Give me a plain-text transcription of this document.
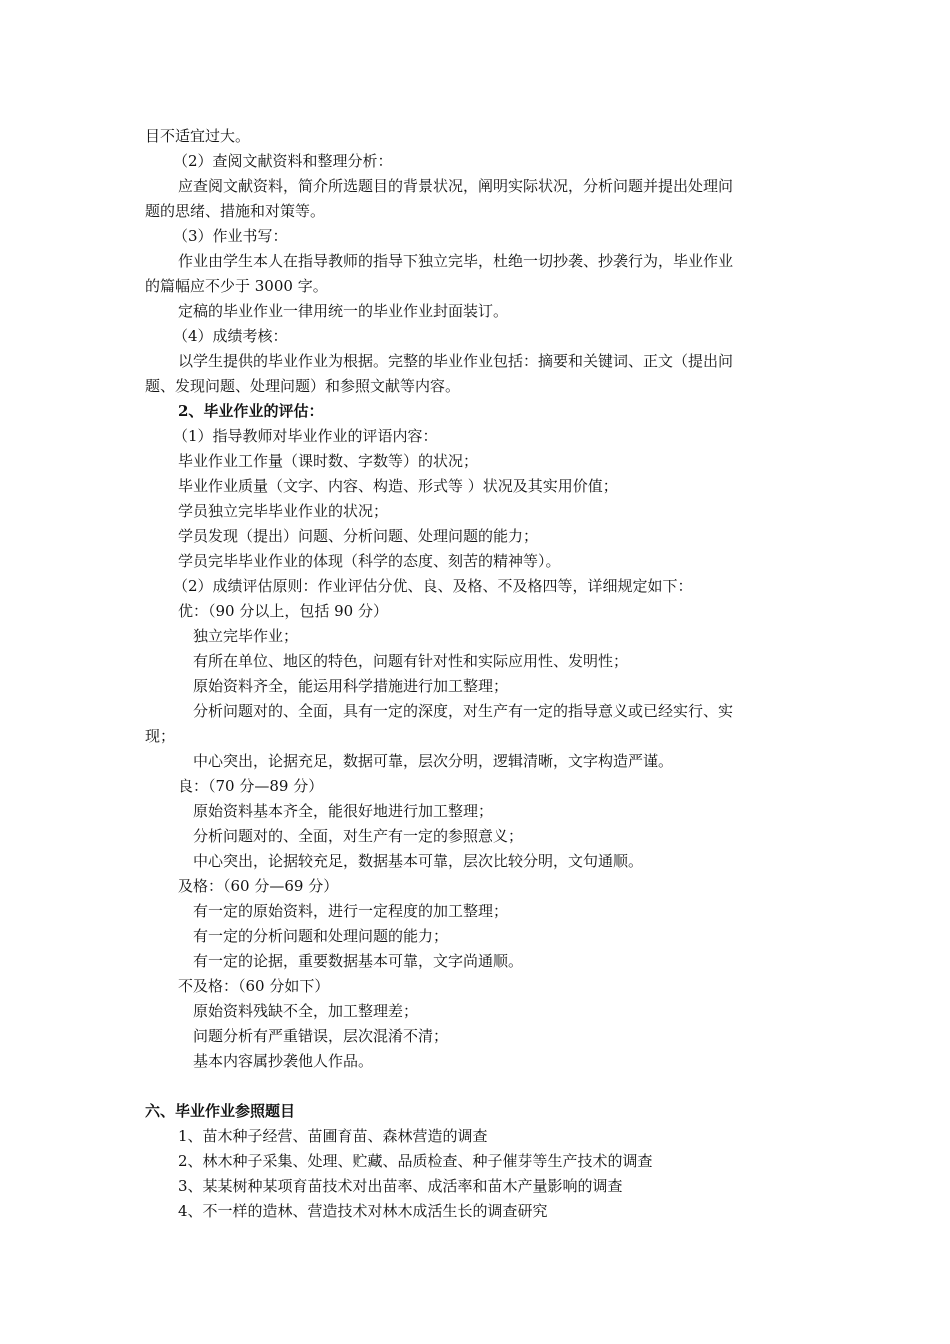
目不适宜过大。
（2）查阅文献资料和整理分析：
应查阅文献资料，简介所选题目的背景状况，阐明实际状况，分析问题并提出处理问
题的思绪、措施和对策等。
（3）作业书写：
作业由学生本人在指导教师的指导下独立完毕，杜绝一切抄袭、抄袭行为，毕业作业
的篇幅应不少于 3000 字。
定稿的毕业作业一律用统一的毕业作业封面装订。
（4）成绩考核：
以学生提供的毕业作业为根据。完整的毕业作业包括：摘要和关键词、正文（提出问
题、发现问题、处理问题）和参照文献等内容。
2、毕业作业的评估：
（1）指导教师对毕业作业的评语内容：
毕业作业工作量（课时数、字数等）的状况；
毕业作业质量（文字、内容、构造、形式等 ）状况及其实用价值；
学员独立完毕毕业作业的状况；
学员发现（提出）问题、分析问题、处理问题的能力；
学员完毕毕业作业的体现（科学的态度、刻苦的精神等）。
（2）成绩评估原则：作业评估分优、良、及格、不及格四等，详细规定如下：
优：（90 分以上，包括 90 分）
独立完毕作业；
有所在单位、地区的特色，问题有针对性和实际应用性、发明性；
原始资料齐全，能运用科学措施进行加工整理；
分析问题对的、全面，具有一定的深度，对生产有一定的指导意义或已经实行、实
现；
中心突出，论据充足，数据可靠，层次分明，逻辑清晰，文字构造严谨。
良：（70 分—89 分）
原始资料基本齐全，能很好地进行加工整理；
分析问题对的、全面，对生产有一定的参照意义；
中心突出，论据较充足，数据基本可靠，层次比较分明，文句通顺。
及格：（60 分—69 分）
有一定的原始资料，进行一定程度的加工整理；
有一定的分析问题和处理问题的能力；
有一定的论据，重要数据基本可靠，文字尚通顺。
不及格：（60 分如下）
原始资料残缺不全，加工整理差；
问题分析有严重错误，层次混淆不清；
基本内容属抄袭他人作品。
六、毕业作业参照题目
1、苗木种子经营、苗圃育苗、森林营造的调查
2、林木种子采集、处理、贮藏、品质检查、种子催芽等生产技术的调查
3、某某树种某项育苗技术对出苗率、成活率和苗木产量影响的调查
4、不一样的造林、营造技术对林木成活生长的调查研究
